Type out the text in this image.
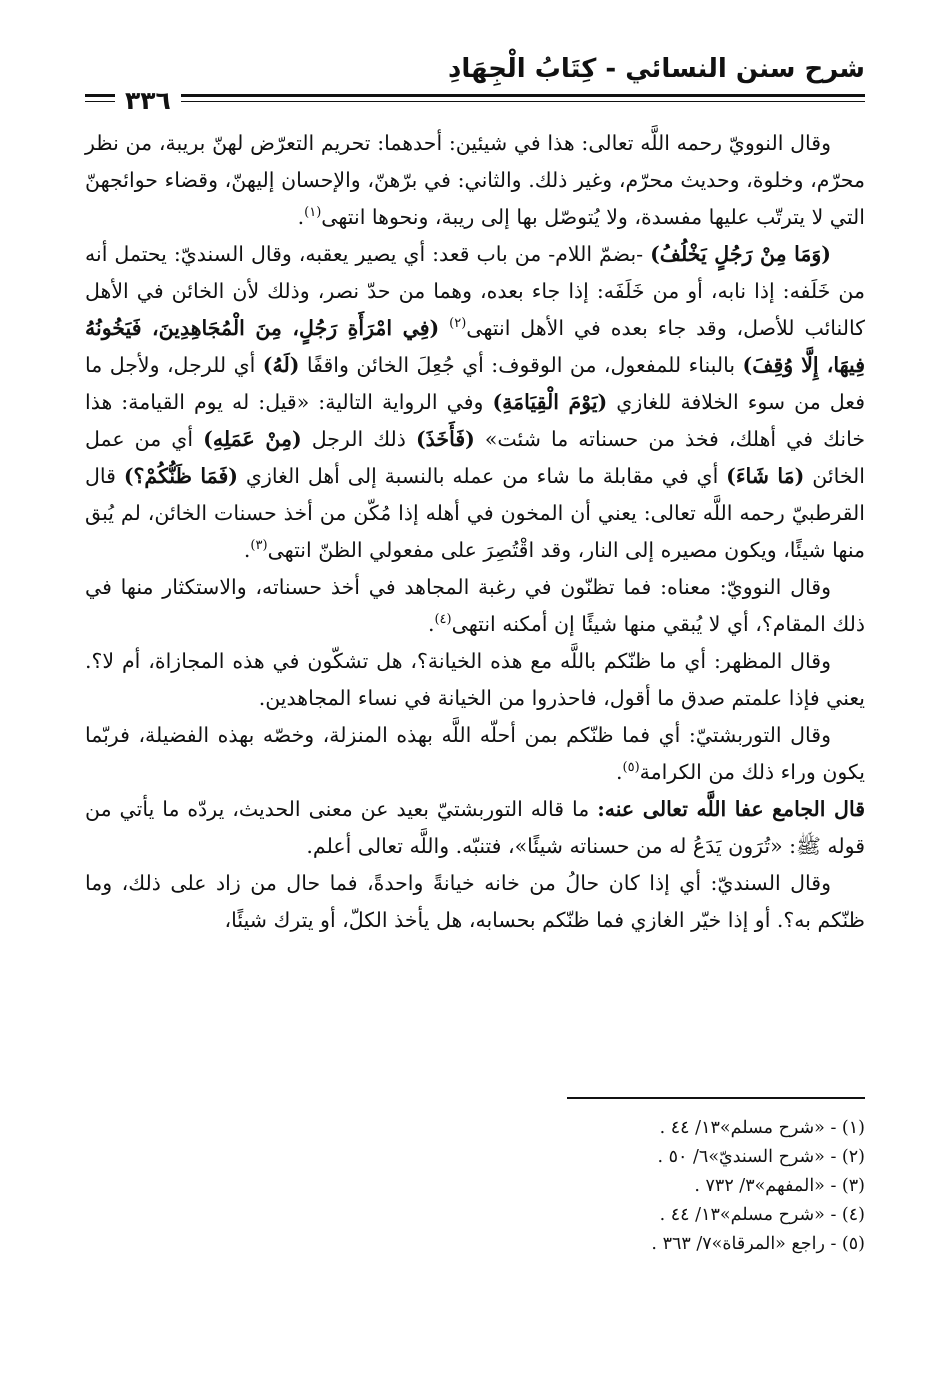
شرح سنن النسائي - كِتَابُ الْجِهَادِ
٣٣٦

وقال النوويّ رحمه اللَّه تعالى: هذا في شيئين: أحدهما: تحريم التعرّض لهنّ بريبة، من نظر محرّم، وخلوة، وحديث محرّم، وغير ذلك. والثاني: في برّهنّ، والإحسان إليهنّ، وقضاء حوائجهنّ التي لا يترتّب عليها مفسدة، ولا يُتوصّل بها إلى ريبة، ونحوها انتهى$^{(١)}$.

(وَمَا مِنْ رَجُلٍ يَخْلُفُ) -بضمّ اللام- من باب قعد: أي يصير يعقبه، وقال السنديّ: يحتمل أنه من خَلَفه: إذا نابه، أو من خَلَفَه: إذا جاء بعده، وهما من حدّ نصر، وذلك لأن الخائن في الأهل كالنائب للأصل، وقد جاء بعده في الأهل انتهى$^{(٢)}$ (فِي امْرَأَةِ رَجُلٍ، مِنَ الْمُجَاهِدِينَ، فَيَخُونُهُ فِيهَا، إِلَّا وُقِفَ) بالبناء للمفعول، من الوقوف: أي جُعِلَ الخائن واقفًا (لَهُ) أي للرجل، ولأجل ما فعل من سوء الخلافة للغازي (يَوْمَ الْقِيَامَةِ) وفي الرواية التالية: «قيل: له يوم القيامة: هذا خانك في أهلك، فخذ من حسناته ما شئت» (فَأَخَذَ) ذلك الرجل (مِنْ عَمَلِهِ) أي من عمل الخائن (مَا شَاءَ) أي في مقابلة ما شاء من عمله بالنسبة إلى أهل الغازي (فَمَا ظَنُّكُمْ؟) قال القرطبيّ رحمه اللَّه تعالى: يعني أن المخون في أهله إذا مُكّن من أخذ حسنات الخائن، لم يُبق منها شيئًا، ويكون مصيره إلى النار، وقد اقْتُصِرَ على مفعولي الظنّ انتهى$^{(٣)}$.

وقال النوويّ: معناه: فما تظنّون في رغبة المجاهد في أخذ حسناته، والاستكثار منها في ذلك المقام؟، أي لا يُبقي منها شيئًا إن أمكنه انتهى$^{(٤)}$.

وقال المظهر: أي ما ظنّكم باللَّه مع هذه الخيانة؟، هل تشكّون في هذه المجازاة، أم لا؟. يعني فإذا علمتم صدق ما أقول، فاحذروا من الخيانة في نساء المجاهدين.

وقال التوربشتيّ: أي فما ظنّكم بمن أحلّه اللَّه بهذه المنزلة، وخصّه بهذه الفضيلة، فربّما يكون وراء ذلك من الكرامة$^{(٥)}$.

قال الجامع عفا اللَّه تعالى عنه: ما قاله التوربشتيّ بعيد عن معنى الحديث، يردّه ما يأتي من قوله ﷺ: «تُرَون يَدَعُ له من حسناته شيئًا»، فتنبّه. واللَّه تعالى أعلم.

وقال السنديّ: أي إذا كان حالُ من خانه خيانةً واحدةً، فما حال من زاد على ذلك، وما ظنّكم به؟. أو إذا خيّر الغازي فما ظنّكم بحسابه، هل يأخذ الكلّ، أو يترك شيئًا،

(١) - «شرح مسلم»١٣/ ٤٤ .
(٢) - «شرح السنديّ»٦/ ٥٠ .
(٣) - «المفهم»٣/ ٧٣٢ .
(٤) - «شرح مسلم»١٣/ ٤٤ .
(٥) - راجع «المرقاة»٧/ ٣٦٣ .
